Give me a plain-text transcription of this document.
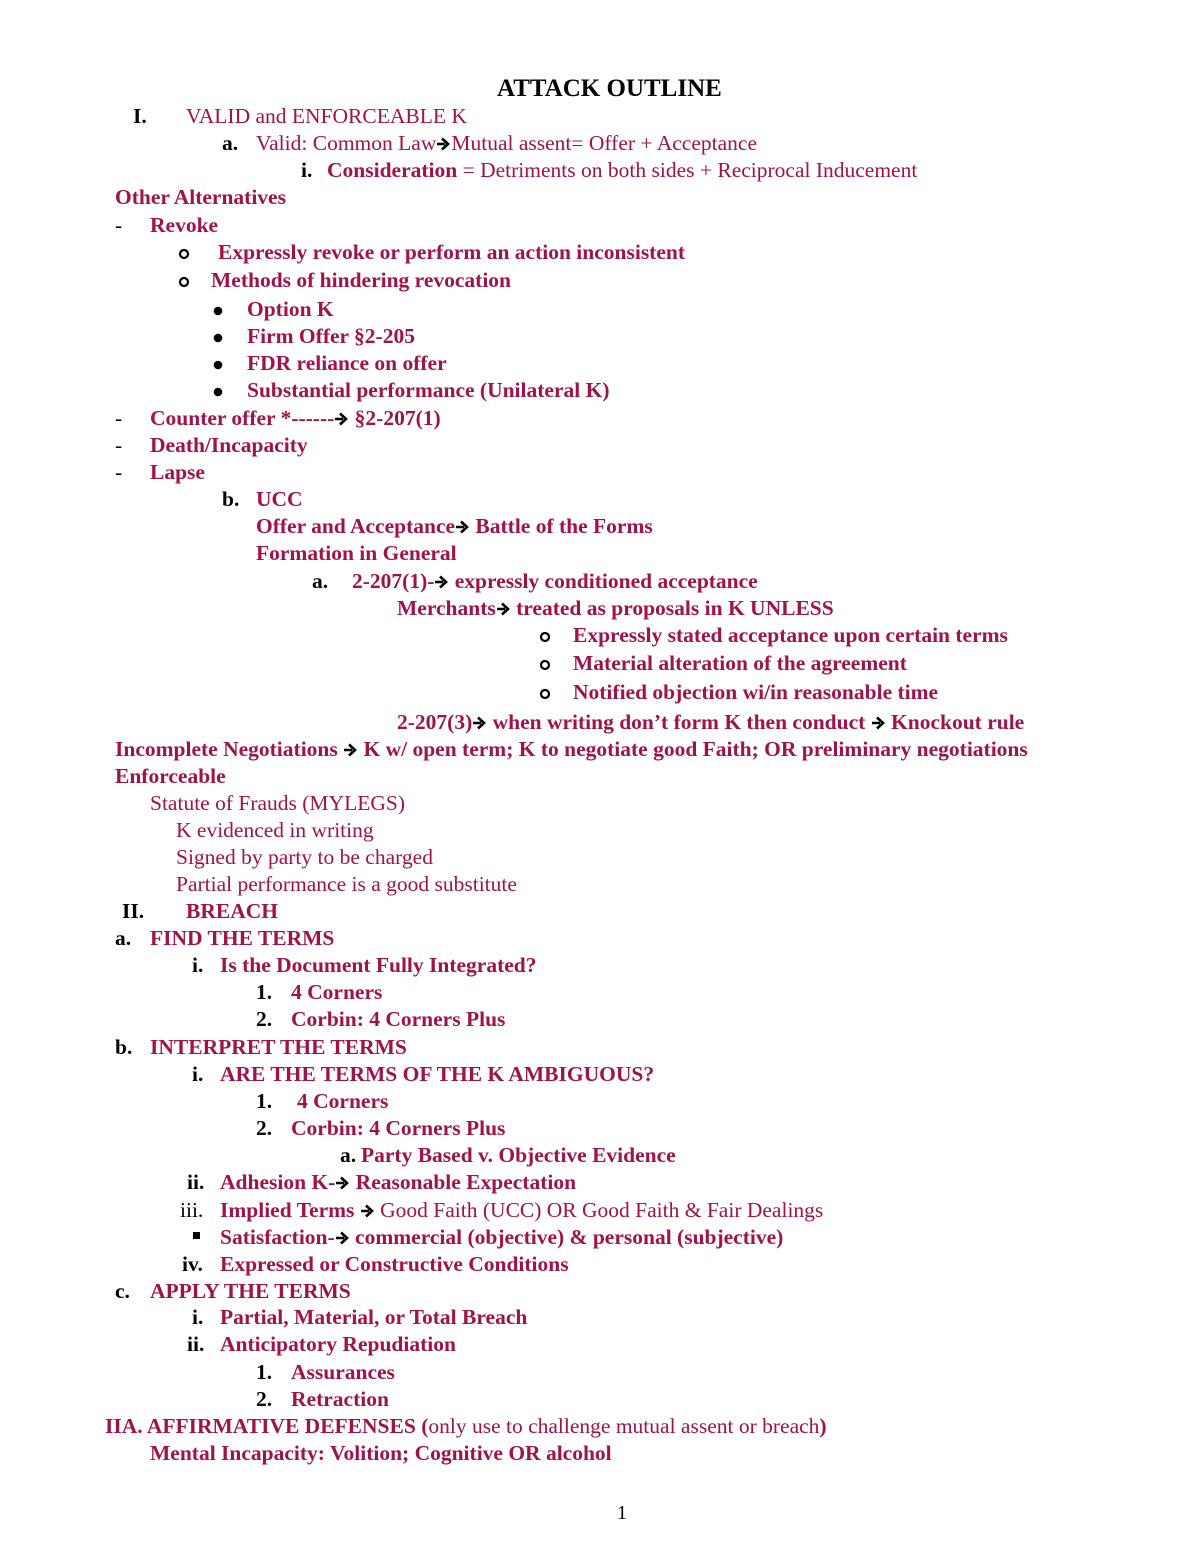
ATTACK OUTLINE
I. VALID and ENFORCEABLE K
a. Valid: Common Law Mutual assent= Offer + Acceptance
i. Consideration = Detriments on both sides + Reciprocal Inducement
Other Alternatives
- Revoke
Expressly revoke or perform an action inconsistent
Methods of hindering revocation
Option K
Firm Offer §2-205
FDR reliance on offer
Substantial performance (Unilateral K)
- Counter offer *------ §2-207(1)
- Death/Incapacity
- Lapse
b. UCC
Offer and Acceptance Battle of the Forms
Formation in General
a. 2-207(1)- expressly conditioned acceptance
Merchants treated as proposals in K UNLESS
Expressly stated acceptance upon certain terms
Material alteration of the agreement
Notified objection wi/in reasonable time
2-207(3) when writing don’t form K then conduct Knockout rule
Incomplete Negotiations K w/ open term; K to negotiate good Faith; OR preliminary negotiations
Enforceable
Statute of Frauds (MYLEGS)
K evidenced in writing
Signed by party to be charged
Partial performance is a good substitute
II. BREACH
a. FIND THE TERMS
i. Is the Document Fully Integrated?
1. 4 Corners
2. Corbin: 4 Corners Plus
b. INTERPRET THE TERMS
i. ARE THE TERMS OF THE K AMBIGUOUS?
1. 4 Corners
2. Corbin: 4 Corners Plus
a. Party Based v. Objective Evidence
ii. Adhesion K- Reasonable Expectation
iii. Implied Terms Good Faith (UCC) OR Good Faith & Fair Dealings
Satisfaction- commercial (objective) & personal (subjective)
iv. Expressed or Constructive Conditions
c. APPLY THE TERMS
i. Partial, Material, or Total Breach
ii. Anticipatory Repudiation
1. Assurances
2. Retraction
IIA. AFFIRMATIVE DEFENSES (only use to challenge mutual assent or breach)
Mental Incapacity: Volition; Cognitive OR alcohol
1
